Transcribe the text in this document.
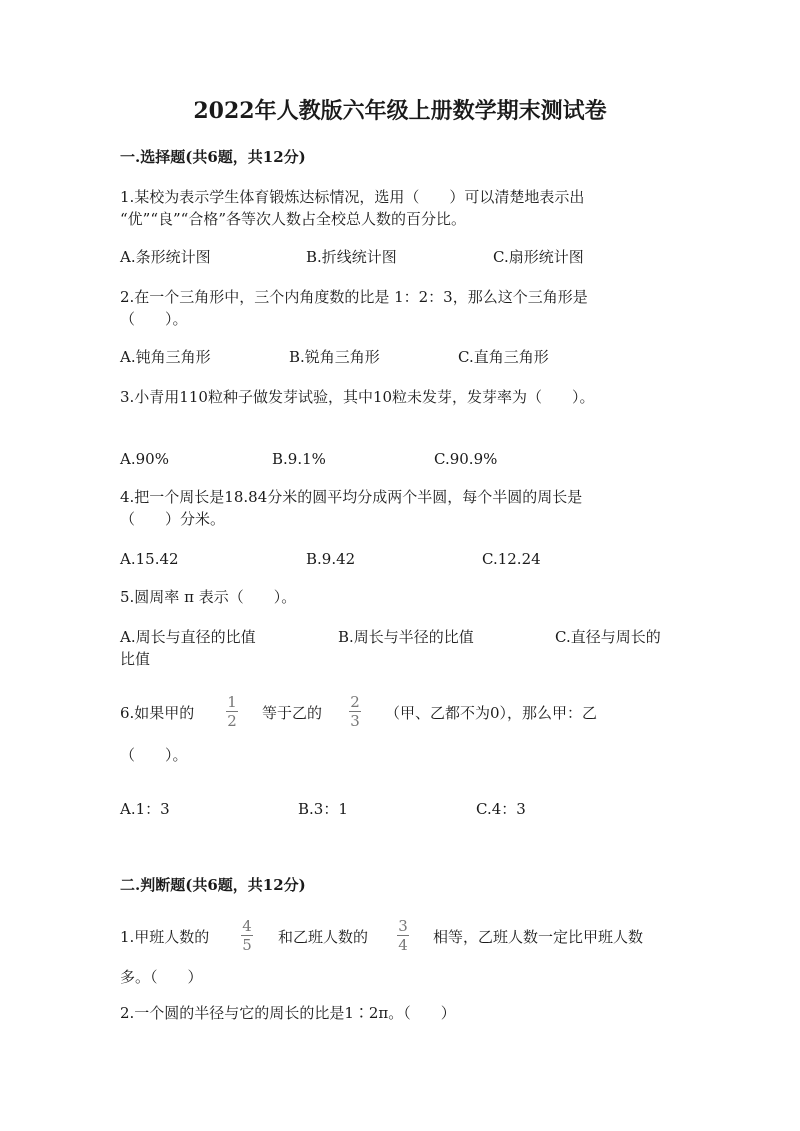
2022年人教版六年级上册数学期末测试卷
一.选择题(共6题，共12分)
1.某校为表示学生体育锻炼达标情况，选用（　　）可以清楚地表示出
“优”“良”“合格”各等次人数占全校总人数的百分比。
A.条形统计图	B.折线统计图	C.扇形统计图
2.在一个三角形中，三个内角度数的比是 1：2：3，那么这个三角形是
（　　）。
A.钝角三角形	B.锐角三角形	C.直角三角形
3.小青用110粒种子做发芽试验，其中10粒未发芽，发芽率为（　　）。
A.90%	B.9.1%	C.90.9%
4.把一个周长是18.84分米的圆平均分成两个半圆，每个半圆的周长是
（　　）分米。
A.15.42	B.9.42	C.12.24
5.圆周率 π 表示（　　）。
A.周长与直径的比值	B.周长与半径的比值	C.直径与周长的
比值
6.如果甲的
1
2 等于乙的
2
3 （甲、乙都不为0），那么甲：乙
（　　）。
A.1：3	B.3：1	C.4：3
二.判断题(共6题，共12分)
1.甲班人数的
4
5 和乙班人数的
3
4 相等，乙班人数一定比甲班人数
多。（　　）
2.一个圆的半径与它的周长的比是1∶2π。（　　）
